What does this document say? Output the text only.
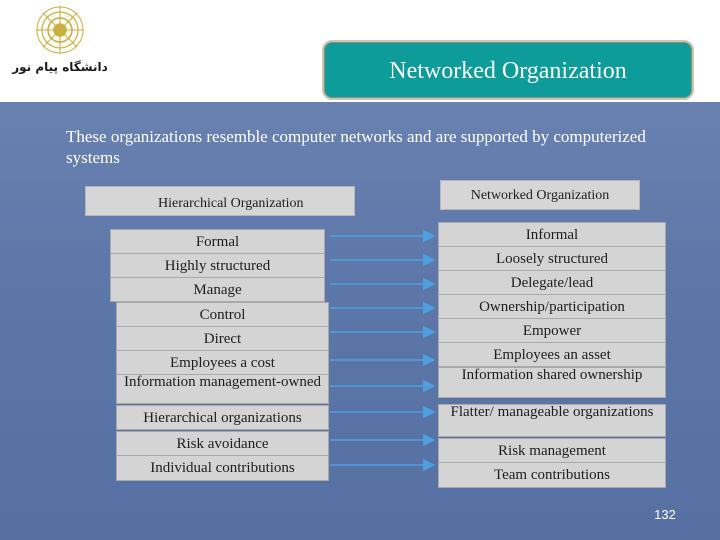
دانشگاه پیام نور	Networked Organization
These organizations resemble computer networks and are supported by computerized systems
Hierarchical Organization
Networked Organization
Formal
Highly structured
Manage
Control
Direct
Employees a cost
Information management-owned
Hierarchical organizations
Risk avoidance
Individual contributions
Informal
Loosely structured
Delegate/lead
Ownership/participation
Empower
Employees an asset
Information shared ownership
Flatter/ manageable organizations
Risk management
Team contributions
132
